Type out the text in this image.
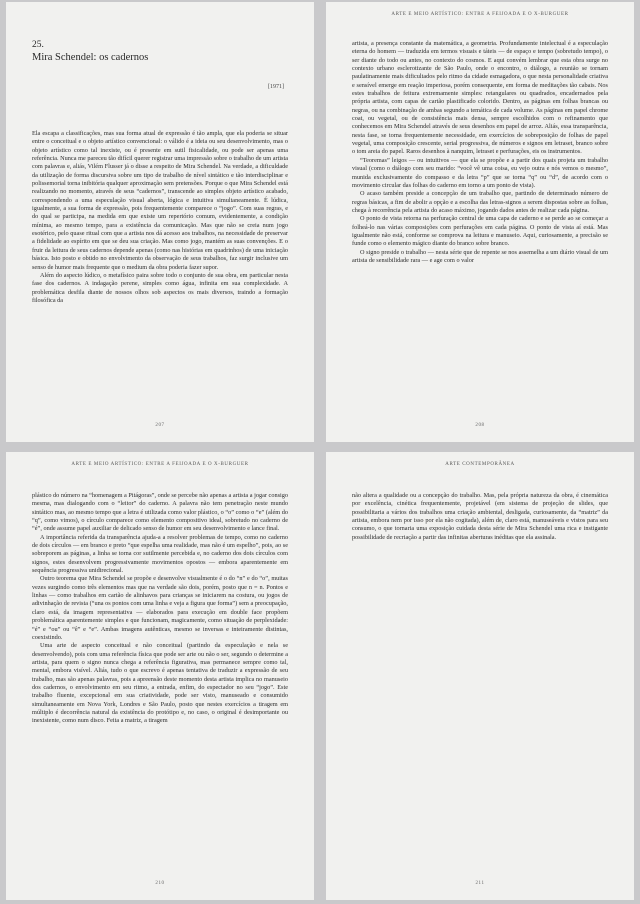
25.
Mira Schendel: os cadernos
[1971]

Ela escapa a classificações, mas sua forma atual de expressão é tão ampla, que ela poderia se situar entre o conceitual e o objeto artístico convencional: o válido é a ideia ou seu desenvolvimento, mas o objeto artístico como tal inexiste, ou é presente em sutil fisicalidade, ou pode ser apenas uma referência. Nunca me pareceu tão difícil querer registrar uma impressão sobre o trabalho de um artista com palavras e, aliás, Vilém Flusser já o disse a respeito de Mira Schendel. Na verdade, a dificuldade da utilização de forma discursiva sobre um tipo de trabalho de nível sintático e tão interdisciplinar e polissemorial torna inibitória qualquer aproximação sem pretensões. Porque o que Mira Schendel está realizando no momento, através de seus “cadernos”, transcende ao simples objeto artístico acabado, correspondendo a uma especulação visual aberta, lógica e intuitiva simultaneamente. É lúdica, igualmente, a sua forma de expressão, pois frequentemente comparece o “jogo”. Com suas regras, e do qual se participa, na medida em que existe um repertório comum, evidentemente, a condição mínima, ao mesmo tempo, para a existência da comunicação. Mas que não se creia num jogo esotérico, pelo quase ritual com que a artista nos dá acesso aos trabalhos, na necessidade de preservar a fidelidade ao espírito em que se deu sua criação. Mas como jogo, mantém as suas convenções. E o fruir da leitura de seus cadernos depende apenas (como nas histórias em quadrinhos) de uma iniciação básica. Isto posto e obtido no envolvimento da observação de seus trabalhos, faz surgir inclusive um senso de humor mais frequente que o medium da obra poderia fazer supor.

Além do aspecto lúdico, o metafísico paira sobre todo o conjunto de sua obra, em particular nesta fase dos cadernos. A indagação perene, simples como água, infinita em sua complexidade. A problemática desfila diante de nossos olhos sob aspectos os mais diversos, traindo a formação filosófica da

207
ARTE E MEIO ARTÍSTICO: ENTRE A FEIJOADA E O X-BURGUER

artista, a presença constante da matemática, a geometria. Profundamente intelectual é a especulação eterna do homem — traduzida em termos visuais e táteis — de espaço e tempo (sobretudo tempo), o ser diante do todo ou antes, no contexto do cosmos. E aqui convém lembrar que esta obra surge no contexto urbano esclerotizante de São Paulo, onde o encontro, o diálogo, a reunião se tornam paulatinamente mais dificultados pelo ritmo da cidade esmagadora, o que nesta personalidade criativa e sensível emerge em reação imperiosa, porém consequente, em forma de meditações tão cabais. Nos estes trabalhos de feitura extremamente simples: retangulares ou quadrados, encadernados pela própria artista, com capas de cartão plastificado colorido. Dentro, as páginas em folhas brancas ou negras, ou na combinação de ambas segundo a temática de cada volume. As páginas em papel chrome coat, ou vegetal, ou de consistência mais densa, sempre escolhidos com o refinamento que conhecemos em Mira Schendel através de seus desenhos em papel de arroz. Aliás, essa transparência, nesta fase, se torna frequentemente necessidade, em exercícios de sobreposição de folhas de papel vegetal, uma composição crescente, serial progressiva, de números e signos em letraset, branco sobre o tom areia do papel. Raros desenhos à nanquim, letraset e perfurações, eis os instrumentos.

“Teoremas” leigos — ou intuitivos — que ela se propõe e a partir dos quais projeta um trabalho visual (como o diálogo com seu marido: “você vê uma coisa, eu vejo outra e nós vemos o mesmo”, munida exclusivamente do compasso e da letra “p” que se torna “q” ou “d”, de acordo com o movimento circular das folhas do caderno em torno a um ponto de vista).

O acaso também preside a concepção de um trabalho que, partindo de determinado número de regras básicas, a fim de abolir a opção e a escolha das letras-signos a serem dispostas sobre as folhas, chega à recorrência pela artista do acaso máximo, jogando dados antes de realizar cada página.

O ponto de vista retorna na perfuração central de uma capa de caderno e se perde ao se começar a folheá-lo nas várias composições com perfurações em cada página. O ponto de vista aí está. Mas igualmente não está, conforme se comprova na leitura e manuseio. Aqui, curiosamente, a precisão se funde como o elemento mágico diante do branco sobre branco.

O signo preside o trabalho — nesta série que de repente se nos assemelha a um diário visual de um artista de sensibilidade rara — e age com o valor

208
ARTE E MEIO ARTÍSTICO: ENTRE A FEIJOADA E O X-BURGUER

plástico do número na “homenagem a Pitágoras”, onde se percebe não apenas a artista a jogar consigo mesma, mas dialogando com o “leitor” do caderno. A palavra não tem penetração neste mundo sintático mas, ao mesmo tempo que a letra é utilizada como valor plástico, o “o” como o “e” (além do “q”, como vimos), o círculo comparece como elemento compositivo ideal, sobretudo no caderno de “é”, onde assume papel auxiliar de delicado senso de humor em seu desenvolvimento e lance final.

A importância referida da transparência ajuda-a a resolver problemas de tempo, como no caderno de dois círculos — em branco e preto “que espelha uma realidade, mas não é um espelho”, pois, ao se sobreporem as páginas, a linha se torna cor sutilmente percebida e, no caderno dos dois círculos com signos, estes desenvolvem progressivamente movimentos opostos — embora aparentemente em sequência progressiva unidirecional.

Outro teorema que Mira Schendel se propõe e desenvolve visualmente é o do “n” e do “o”, muitas vezes surgindo como três elementos mas que na verdade são dois, porém, posto que n = n. Pontos e linhas — como trabalhos em cartão de alinhavos para crianças se iniciarem na costura, ou jogos de adivinhação de revista (“una os pontos com uma linha e veja a figura que forma”) sem a preocupação, claro está, da imagem representativa — elaborados para execução em double face propõem problemática aparentemente simples e que funcionam, magicamente, como situação de perplexidade: “é” e “ou” ou “ê” e “e”. Ambas imagens autênticas, mesmo se inversas e inteiramente distintas, coexistindo.

Uma arte de aspecto conceitual e não conceitual (partindo da especulação e nela se desenvolvendo), pois com uma referência física que pode ser arte ou não o ser, segundo o determine a artista, para quem o signo nunca chega a referência figurativa, mas permanece sempre como tal, mental, embora visível. Aliás, tudo o que escrevo é apenas tentativa de traduzir a expressão de seu trabalho, mas são apenas palavras, pois a apreensão deste momento desta artista implica no manuseio dos cadernos, o envolvimento em seu ritmo, a entrada, enfim, do espectador no seu “jogo”. Este trabalho fluente, excepcional em sua criatividade, pode ser visto, manuseado e consumido simultaneamente em Nova York, Londres e São Paulo, posto que nestes exercícios a tiragem em múltiplo é decorrência natural da existência do protótipo e, no caso, o original é desimportante ou inexistente, como num disco. Feita a matriz, a tiragem

210
ARTE CONTEMPORÂNEA

não altera a qualidade ou a concepção do trabalho. Mas, pela própria natureza da obra, é cinemática por excelência, cinética frequentemente, projetável (em sistema de projeção de slides, que possibilitaria a vários dos trabalhos uma criação ambiental, desligada, curiosamente, da “matriz” da artista, embora nem por isso por ela não cogitada), além de, claro está, manuseáveis e vistos para seu consumo, o que tornaria uma exposição cuidada desta série de Mira Schendel uma rica e instigante possibilidade de recriação a partir das infinitas aberturas inéditas que ela assinala.

211
